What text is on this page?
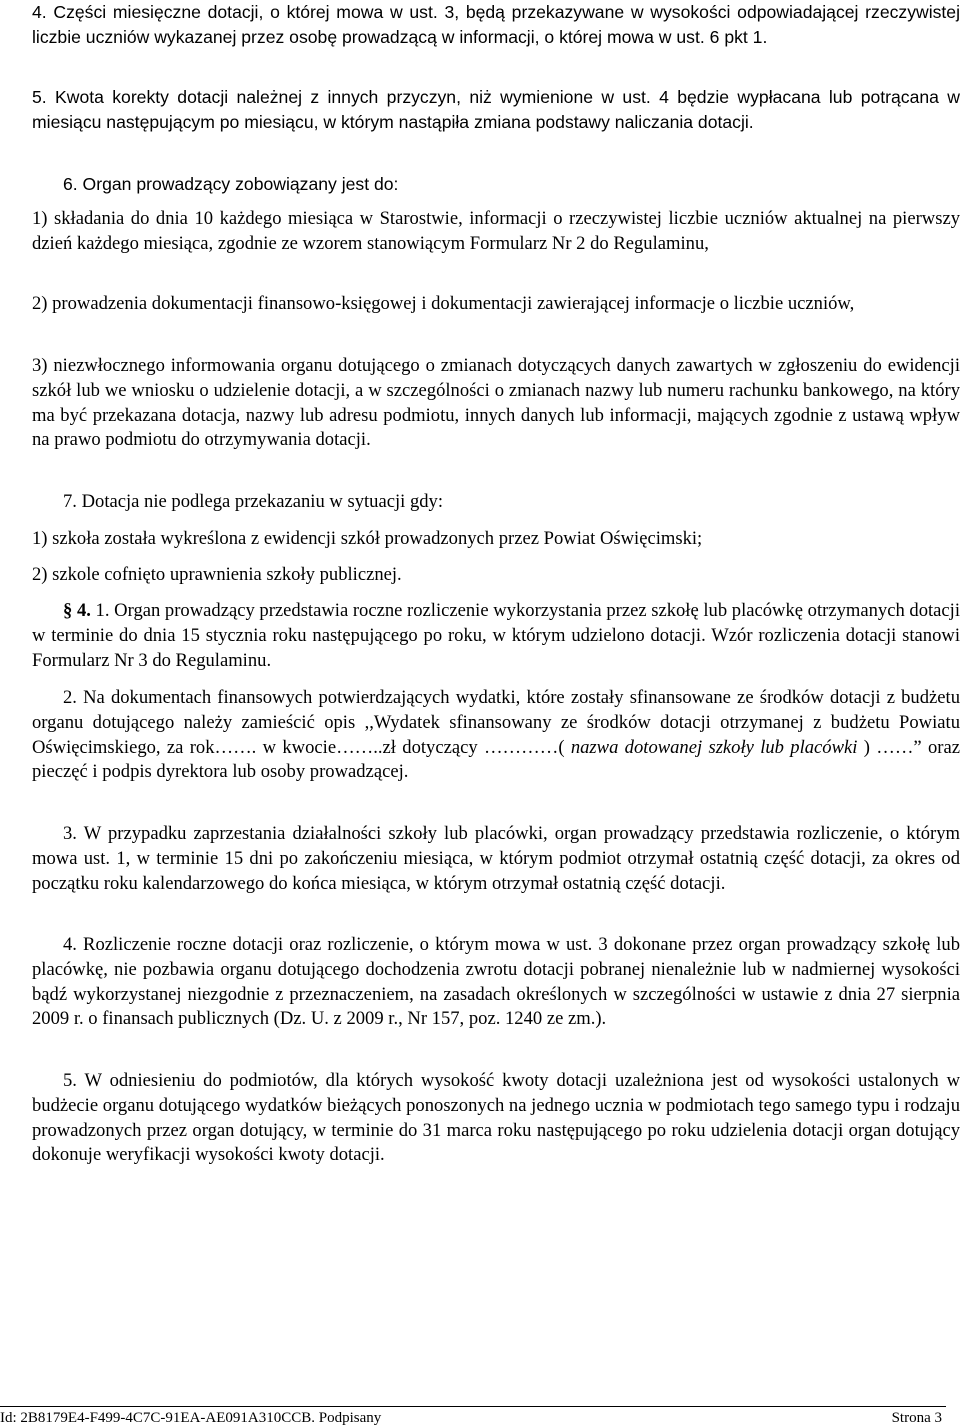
4. Części miesięczne dotacji, o której mowa w ust. 3, będą przekazywane w wysokości odpowiadającej rzeczywistej liczbie uczniów wykazanej przez osobę prowadzącą w informacji, o której mowa w ust. 6 pkt 1.

5. Kwota korekty dotacji należnej z innych przyczyn, niż wymienione w ust. 4 będzie wypłacana lub potrącana w miesiącu następującym po miesiącu, w którym nastąpiła zmiana podstawy naliczania dotacji.

6. Organ prowadzący zobowiązany jest do:

1) składania do dnia 10 każdego miesiąca w Starostwie, informacji o rzeczywistej liczbie uczniów aktualnej na pierwszy dzień każdego miesiąca, zgodnie ze wzorem stanowiącym Formularz Nr 2 do Regulaminu,

2) prowadzenia dokumentacji finansowo-księgowej i dokumentacji zawierającej informacje o liczbie uczniów,

3) niezwłocznego informowania organu dotującego o zmianach dotyczących danych zawartych w zgłoszeniu do ewidencji szkół lub we wniosku o udzielenie dotacji, a w szczególności o zmianach nazwy lub numeru rachunku bankowego, na który ma być przekazana dotacja, nazwy lub adresu podmiotu, innych danych lub informacji, mających zgodnie z ustawą wpływ na prawo podmiotu do otrzymywania dotacji.

7. Dotacja nie podlega przekazaniu w sytuacji gdy:

1) szkoła została wykreślona z ewidencji szkół prowadzonych przez Powiat Oświęcimski;

2) szkole cofnięto uprawnienia szkoły publicznej.

§ 4. 1. Organ prowadzący przedstawia roczne rozliczenie wykorzystania przez szkołę lub placówkę otrzymanych dotacji w terminie do dnia 15 stycznia roku następującego po roku, w którym udzielono dotacji. Wzór rozliczenia dotacji stanowi Formularz Nr 3 do Regulaminu.

2. Na dokumentach finansowych potwierdzających wydatki, które zostały sfinansowane ze środków dotacji z budżetu organu dotującego należy zamieścić opis ,,Wydatek sfinansowany ze środków dotacji otrzymanej z budżetu Powiatu Oświęcimskiego, za rok……. w kwocie……..zł dotyczący …………( nazwa dotowanej szkoły lub placówki ) ……” oraz pieczęć i podpis dyrektora lub osoby prowadzącej.

3. W przypadku zaprzestania działalności szkoły lub placówki, organ prowadzący przedstawia rozliczenie, o którym mowa ust. 1, w terminie 15 dni po zakończeniu miesiąca, w którym podmiot otrzymał ostatnią część dotacji, za okres od początku roku kalendarzowego do końca miesiąca, w którym otrzymał ostatnią część dotacji.

4. Rozliczenie roczne dotacji oraz rozliczenie, o którym mowa w ust. 3 dokonane przez organ prowadzący szkołę lub placówkę, nie pozbawia organu dotującego dochodzenia zwrotu dotacji pobranej nienależnie lub w nadmiernej wysokości bądź wykorzystanej niezgodnie z przeznaczeniem, na zasadach określonych w szczególności w ustawie z dnia 27 sierpnia 2009 r. o finansach publicznych (Dz. U. z 2009 r., Nr 157, poz. 1240 ze zm.).

5. W odniesieniu do podmiotów, dla których wysokość kwoty dotacji uzależniona jest od wysokości ustalonych w budżecie organu dotującego wydatków bieżących ponoszonych na jednego ucznia w podmiotach tego samego typu i rodzaju prowadzonych przez organ dotujący, w terminie do 31 marca roku następującego po roku udzielenia dotacji organ dotujący dokonuje weryfikacji wysokości kwoty dotacji.

Id: 2B8179E4-F499-4C7C-91EA-AE091A310CCB. Podpisany	Strona 3
